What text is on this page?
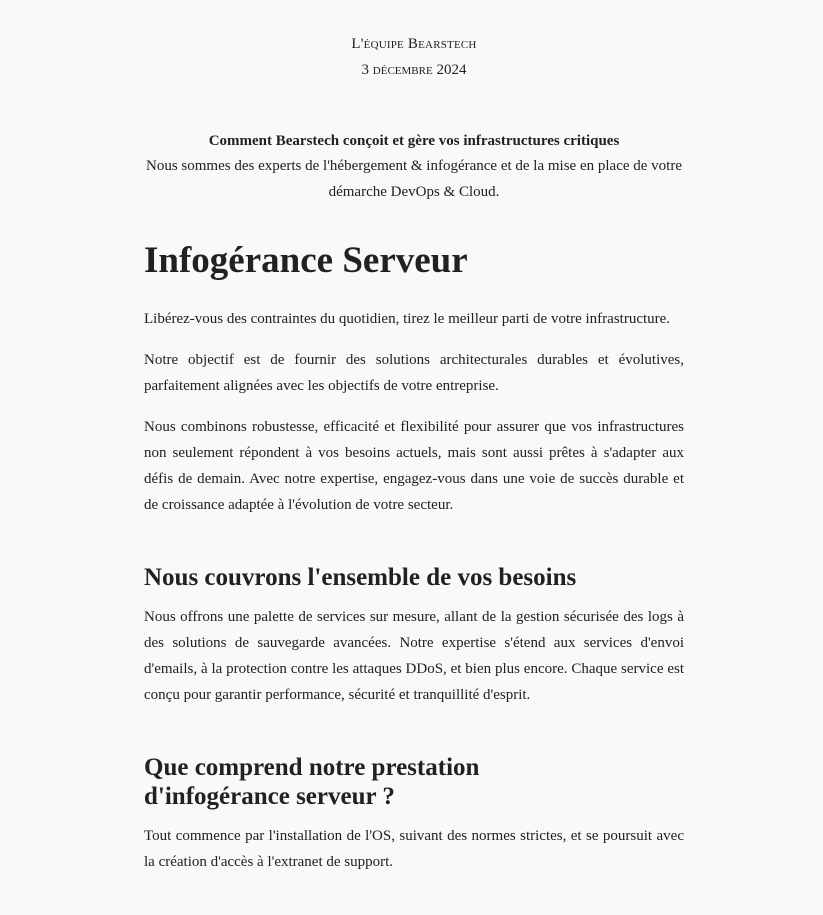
L'équipe Bearstech
3 décembre 2024
Comment Bearstech conçoit et gère vos infrastructures critiques
Nous sommes des experts de l'hébergement & infogérance et de la mise en place de votre démarche DevOps & Cloud.
Infogérance Serveur

Libérez-vous des contraintes du quotidien, tirez le meilleur parti de votre infrastructure.

Notre objectif est de fournir des solutions architecturales durables et évolutives, parfaitement alignées avec les objectifs de votre entreprise.

Nous combinons robustesse, efficacité et flexibilité pour assurer que vos infrastructures non seulement répondent à vos besoins actuels, mais sont aussi prêtes à s'adapter aux défis de demain. Avec notre expertise, engagez-vous dans une voie de succès durable et de croissance adaptée à l'évolution de votre secteur.

Nous couvrons l'ensemble de vos besoins

Nous offrons une palette de services sur mesure, allant de la gestion sécurisée des logs à des solutions de sauvegarde avancées. Notre expertise s'étend aux services d'envoi d'emails, à la protection contre les attaques DDoS, et bien plus encore. Chaque service est conçu pour garantir performance, sécurité et tranquillité d'esprit.

Que comprend notre prestation d'infogérance serveur ?

Tout commence par l'installation de l'OS, suivant des normes strictes, et se poursuit avec la création d'accès à l'extranet de support.
